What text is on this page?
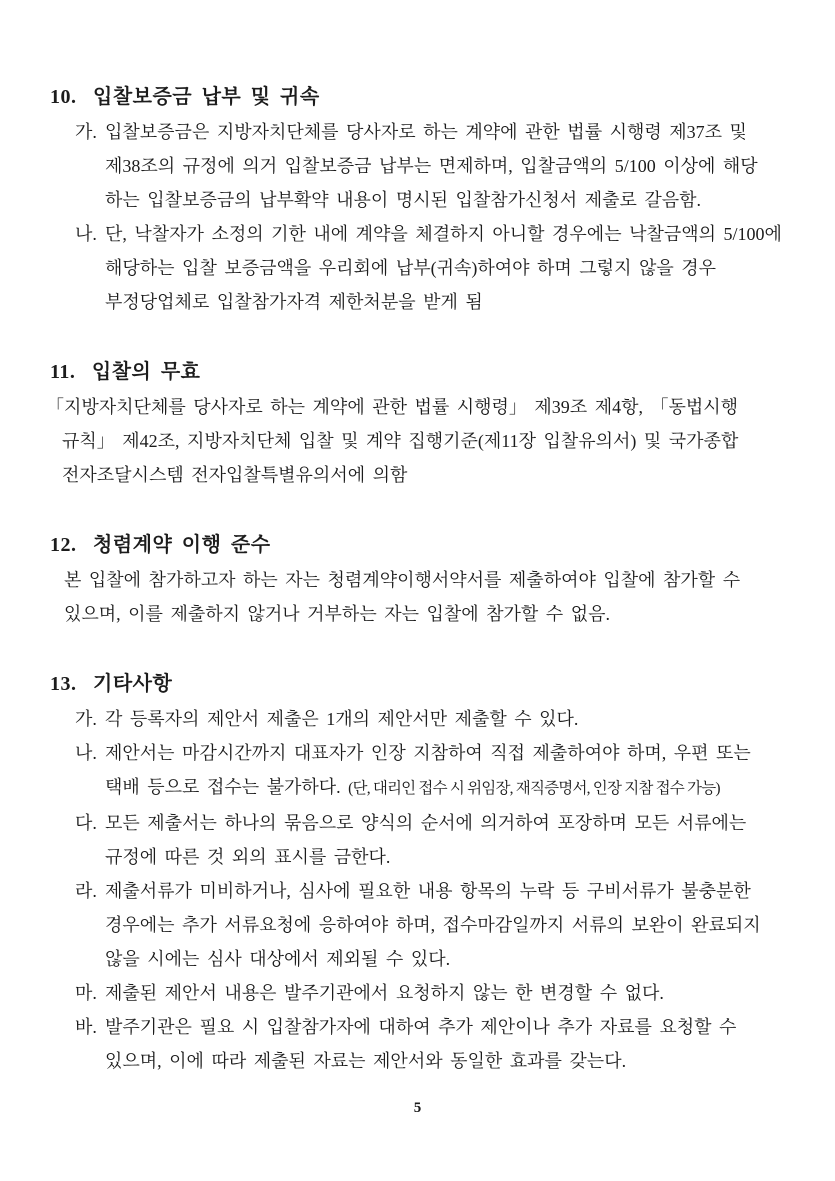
10. 입찰보증금 납부 및 귀속
가. 입찰보증금은 지방자치단체를 당사자로 하는 계약에 관한 법률 시행령 제37조 및 제38조의 규정에 의거 입찰보증금 납부는 면제하며, 입찰금액의 5/100 이상에 해당 하는 입찰보증금의 납부확약 내용이 명시된 입찰참가신청서 제출로 갈음함.
나. 단, 낙찰자가 소정의 기한 내에 계약을 체결하지 아니할 경우에는 낙찰금액의 5/100에 해당하는 입찰 보증금액을 우리회에 납부(귀속)하여야 하며 그렇지 않을 경우 부정당업체로 입찰참가자격 제한처분을 받게 됨
11. 입찰의 무효

「지방자치단체를 당사자로 하는 계약에 관한 법률 시행령」 제39조 제4항, 「동법시행 규칙」 제42조, 지방자치단체 입찰 및 계약 집행기준(제11장 입찰유의서) 및 국가종합 전자조달시스템 전자입찰특별유의서에 의함

12. 청렴계약 이행 준수

본 입찰에 참가하고자 하는 자는 청렴계약이행서약서를 제출하여야 입찰에 참가할 수 있으며, 이를 제출하지 않거나 거부하는 자는 입찰에 참가할 수 없음.

13. 기타사항
가. 각 등록자의 제안서 제출은 1개의 제안서만 제출할 수 있다.
나. 제안서는 마감시간까지 대표자가 인장 지참하여 직접 제출하여야 하며, 우편 또는 택배 등으로 접수는 불가하다. (단, 대리인 접수 시 위임장, 재직증명서, 인장 지참 접수 가능)
다. 모든 제출서는 하나의 묶음으로 양식의 순서에 의거하여 포장하며 모든 서류에는 규정에 따른 것 외의 표시를 금한다.
라. 제출서류가 미비하거나, 심사에 필요한 내용 항목의 누락 등 구비서류가 불충분한 경우에는 추가 서류요청에 응하여야 하며, 접수마감일까지 서류의 보완이 완료되지 않을 시에는 심사 대상에서 제외될 수 있다.
마. 제출된 제안서 내용은 발주기관에서 요청하지 않는 한 변경할 수 없다.
바. 발주기관은 필요 시 입찰참가자에 대하여 추가 제안이나 추가 자료를 요청할 수 있으며, 이에 따라 제출된 자료는 제안서와 동일한 효과를 갖는다.
5
